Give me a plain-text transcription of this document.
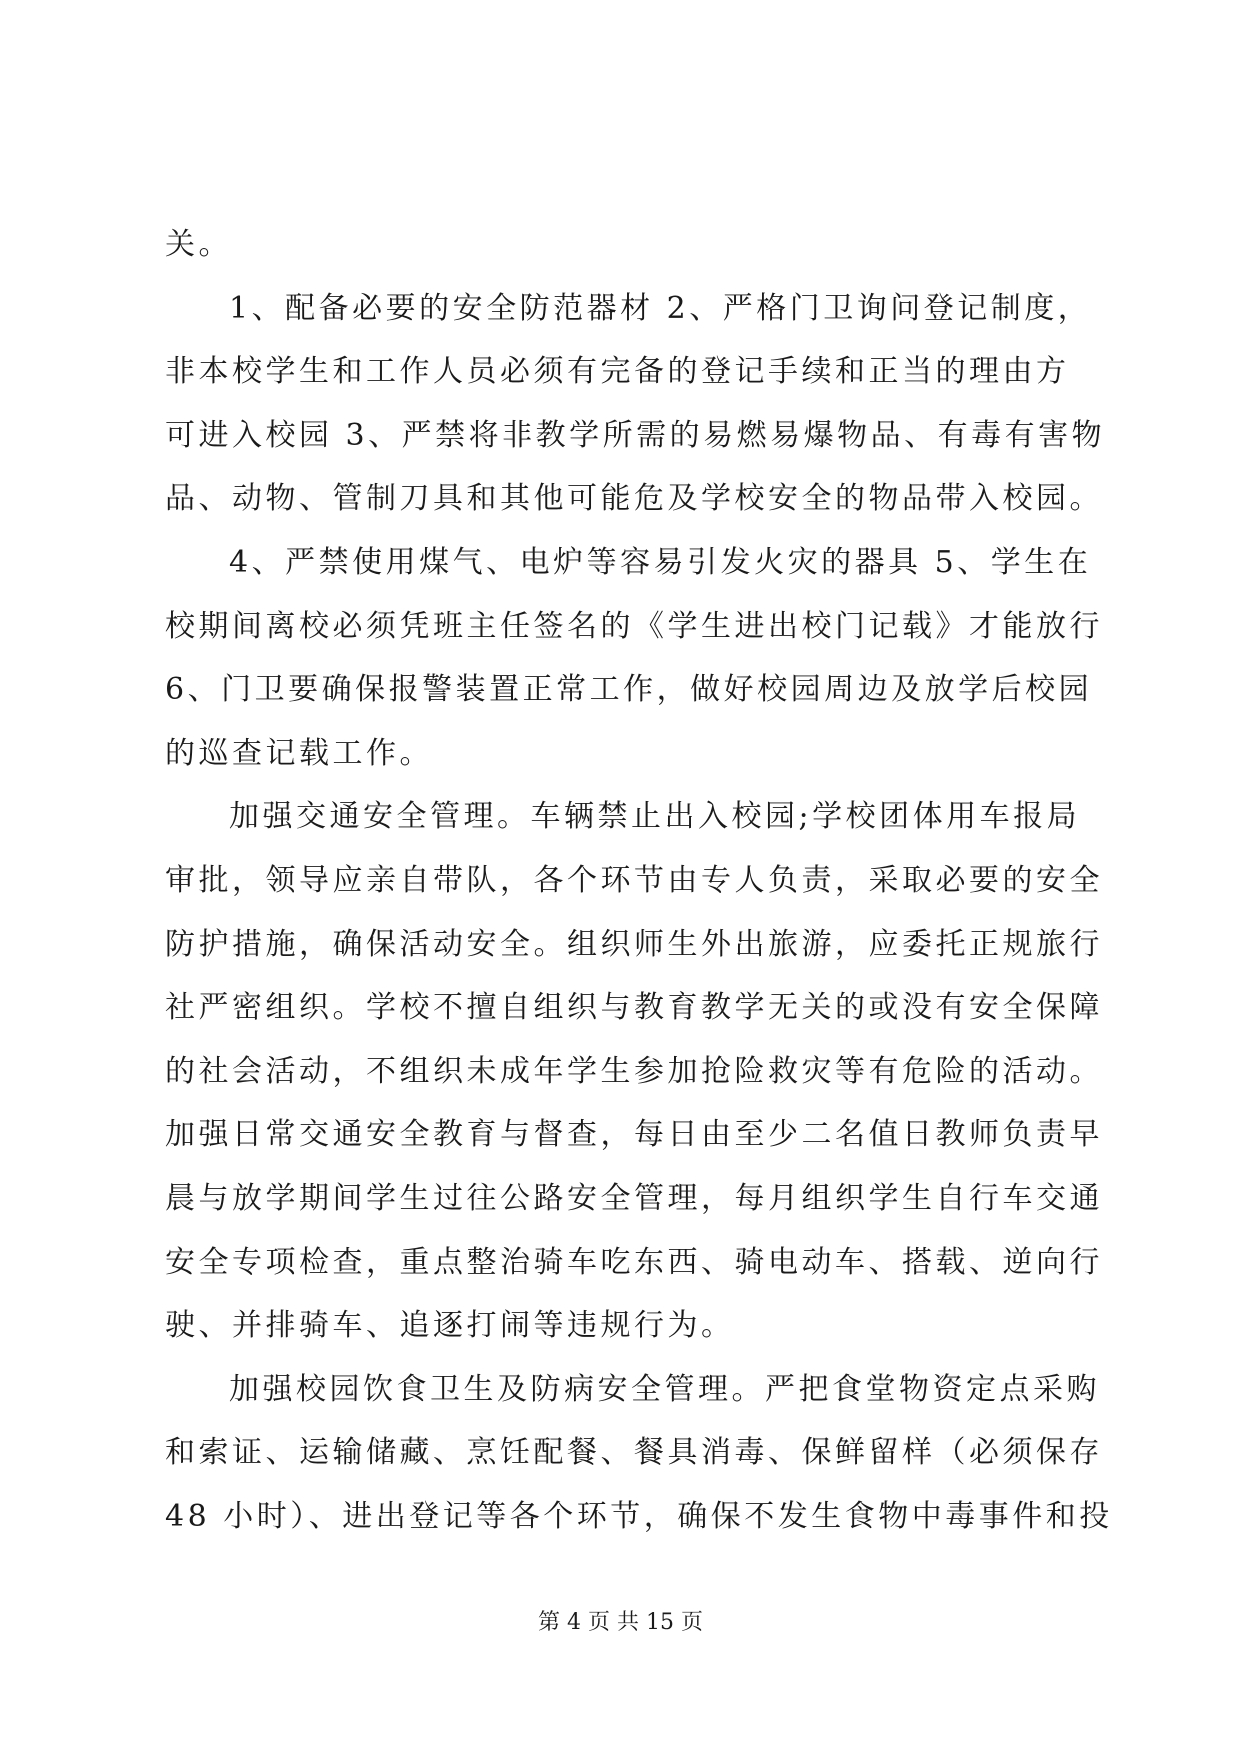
关。

1、配备必要的安全防范器材 2、严格门卫询问登记制度，

非本校学生和工作人员必须有完备的登记手续和正当的理由方

可进入校园 3、严禁将非教学所需的易燃易爆物品、有毒有害物

品、动物、管制刀具和其他可能危及学校安全的物品带入校园。

4、严禁使用煤气、电炉等容易引发火灾的器具 5、学生在

校期间离校必须凭班主任签名的《学生进出校门记载》才能放行

6、门卫要确保报警装置正常工作，做好校园周边及放学后校园

的巡查记载工作。

加强交通安全管理。车辆禁止出入校园;学校团体用车报局

审批，领导应亲自带队，各个环节由专人负责，采取必要的安全

防护措施，确保活动安全。组织师生外出旅游，应委托正规旅行

社严密组织。学校不擅自组织与教育教学无关的或没有安全保障

的社会活动，不组织未成年学生参加抢险救灾等有危险的活动。

加强日常交通安全教育与督查，每日由至少二名值日教师负责早

晨与放学期间学生过往公路安全管理，每月组织学生自行车交通

安全专项检查，重点整治骑车吃东西、骑电动车、搭载、逆向行

驶、并排骑车、追逐打闹等违规行为。

加强校园饮食卫生及防病安全管理。严把食堂物资定点采购

和索证、运输储藏、烹饪配餐、餐具消毒、保鲜留样（必须保存

48 小时）、进出登记等各个环节，确保不发生食物中毒事件和投

第 4 页 共 15 页
